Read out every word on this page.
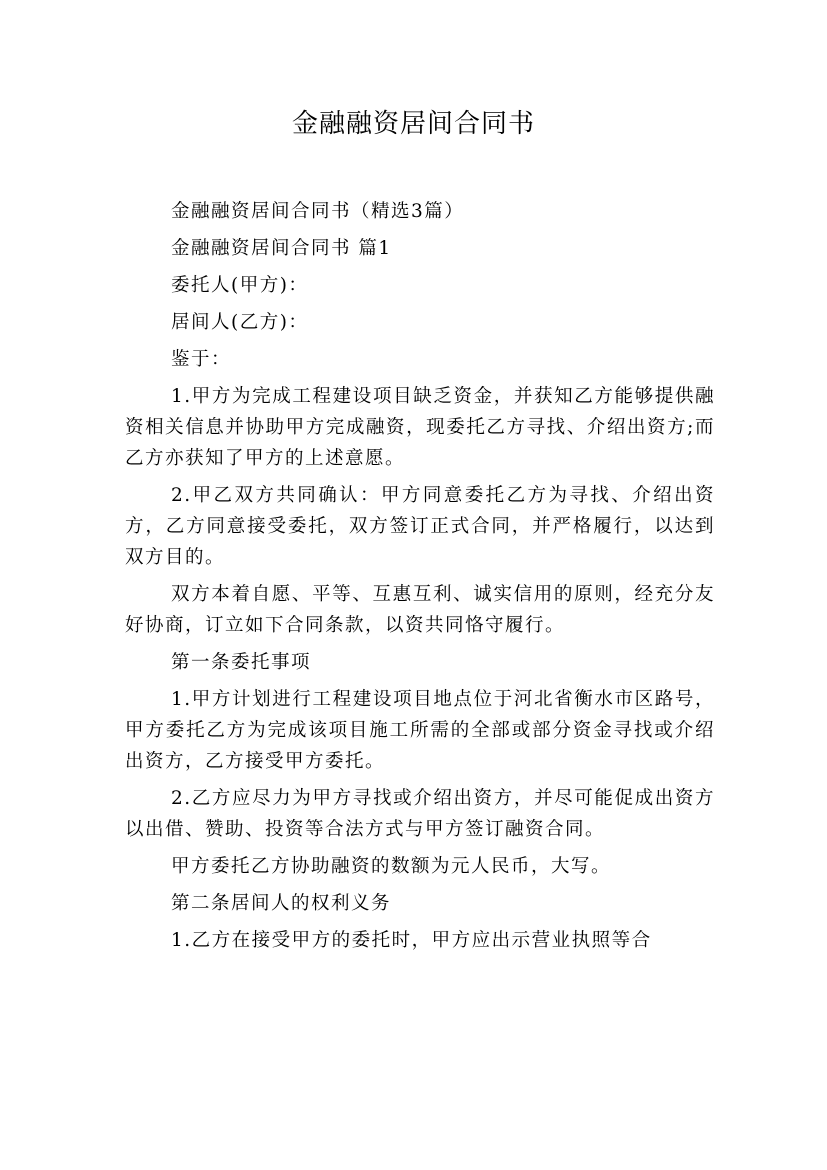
金融融资居间合同书

金融融资居间合同书（精选3篇）

金融融资居间合同书 篇1

委托人(甲方)：

居间人(乙方)：

鉴于：

1.甲方为完成工程建设项目缺乏资金，并获知乙方能够提供融资相关信息并协助甲方完成融资，现委托乙方寻找、介绍出资方;而乙方亦获知了甲方的上述意愿。

2.甲乙双方共同确认：甲方同意委托乙方为寻找、介绍出资方，乙方同意接受委托，双方签订正式合同，并严格履行，以达到双方目的。

双方本着自愿、平等、互惠互利、诚实信用的原则，经充分友好协商，订立如下合同条款，以资共同恪守履行。

第一条委托事项

1.甲方计划进行工程建设项目地点位于河北省衡水市区路号，甲方委托乙方为完成该项目施工所需的全部或部分资金寻找或介绍出资方，乙方接受甲方委托。

2.乙方应尽力为甲方寻找或介绍出资方，并尽可能促成出资方以出借、赞助、投资等合法方式与甲方签订融资合同。

甲方委托乙方协助融资的数额为元人民币，大写。

第二条居间人的权利义务

1.乙方在接受甲方的委托时，甲方应出示营业执照等合
